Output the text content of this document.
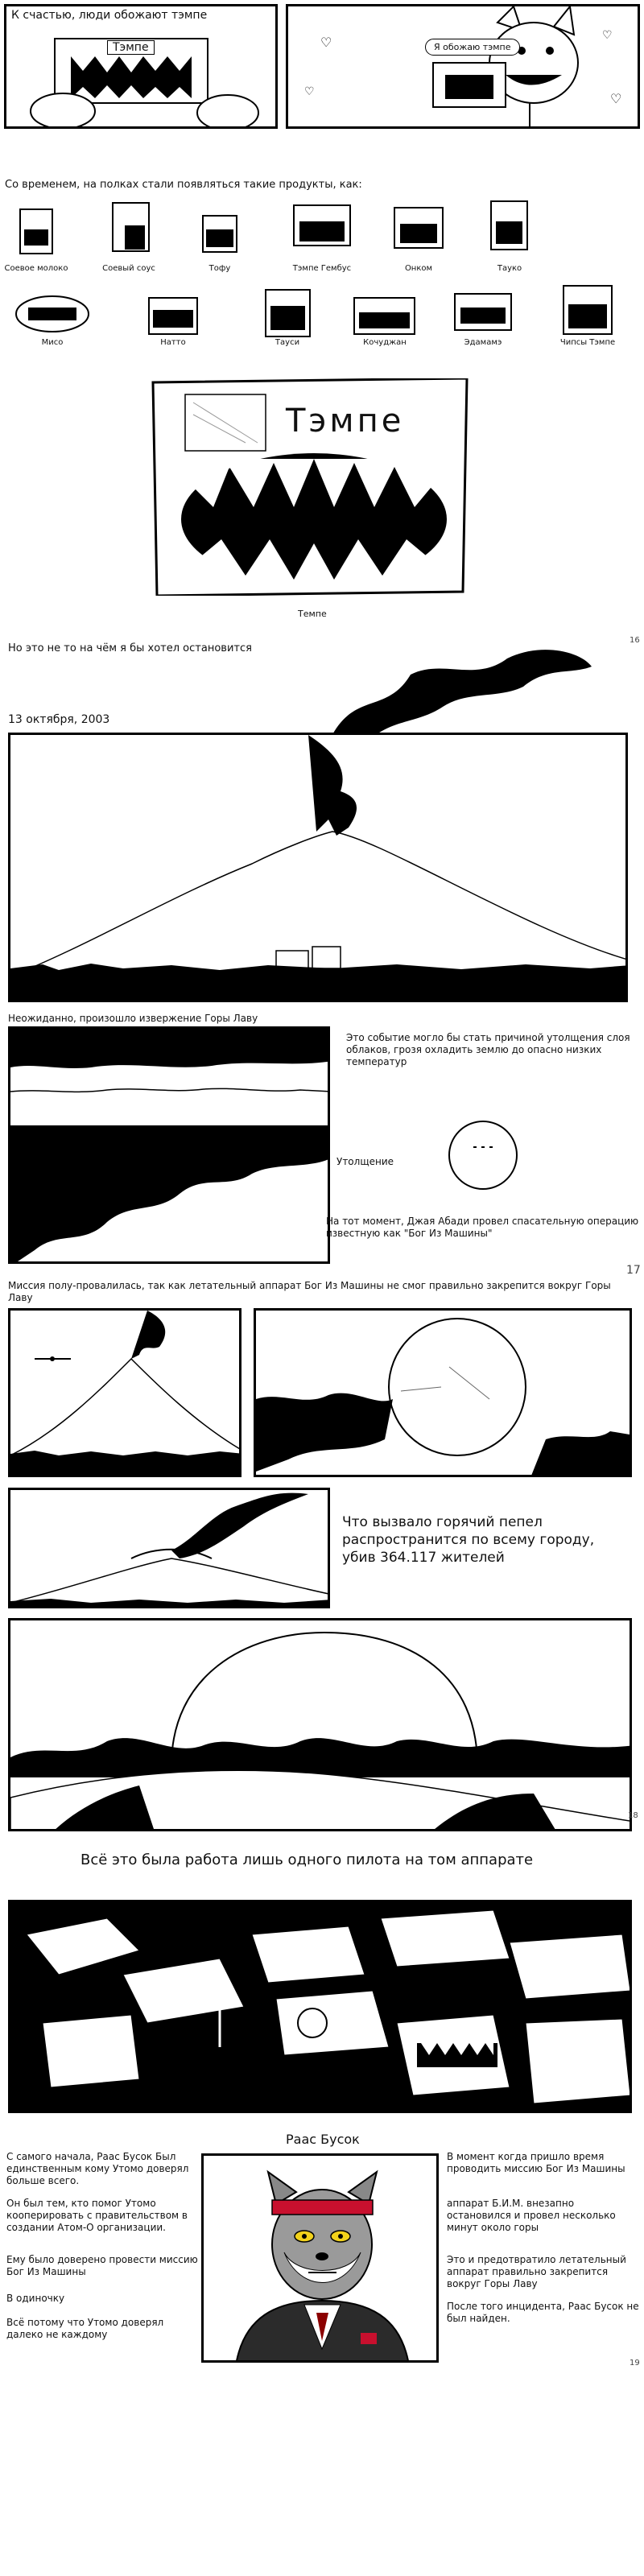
К счастью, люди обожают тэмпе
Тэмпе	♡
♡
♡
♡
Я обожаю тэмпе
Со временем, на полках стали появляться такие продукты, как:
Соевое молоко	Соевый соус	Тофу	Тэмпе Гембус	Онком	Тауко
Мисо	Натто	Тауси	Кочуджан	Эдамамэ	Чипсы Тэмпе
Тэмпе
Темпе
Но это не то на чём я бы хотел остановится
16
13 октября, 2003
Неожиданно, произошло извержение Горы Лаву
Утолщение
Это событие могло бы стать причиной утолщения слоя облаков, грозя охладить землю до опасно низких температур
На тот момент, Джая Абади провел спасательную операцию известную как "Бог Из Машины"
17
Миссия полу-провалилась, так как летательный аппарат Бог Из Машины не смог правильно закрепится вокруг Горы Лаву
Что вызвало горячий пепел распространится по всему городу, убив 364.117 жителей
18
Всё это была работа лишь одного пилота на том аппарате
Раас Бусок
С самого начала, Раас Бусок Был единственным кому Утомо доверял больше всего.
Он был тем, кто помог Утомо кооперировать с правительством в создании Атом-О организации.
Ему было доверено провести миссию Бог Из Машины
В одиночку
Всё потому что Утомо доверял далеко не каждому
В момент когда пришло время проводить миссию Бог Из Машины
аппарат Б.И.М. внезапно остановился и провел несколько минут около горы
Это и предотвратило летательный аппарат правильно закрепится вокруг Горы Лаву
После того инцидента, Раас Бусок не был найден.
19
